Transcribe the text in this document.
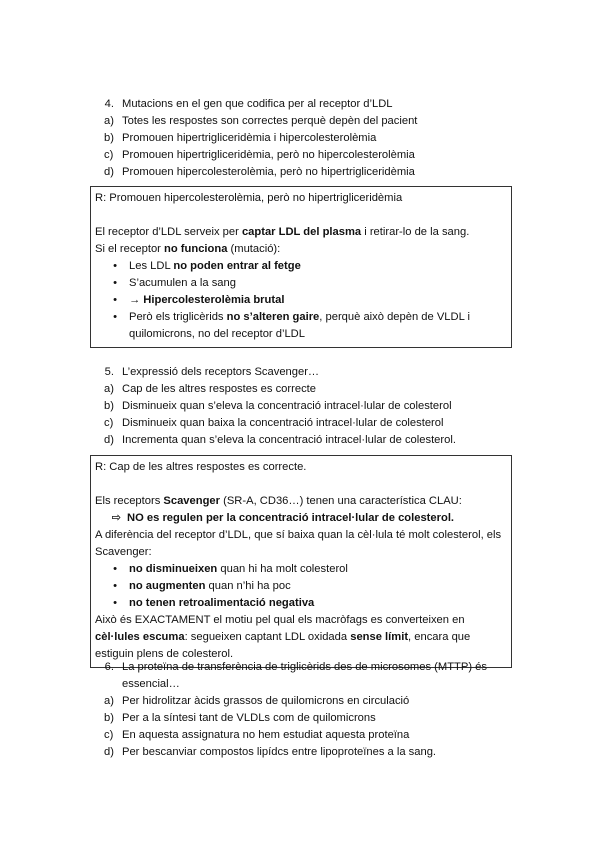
4. Mutacions en el gen que codifica per al receptor d’LDL
a) Totes les respostes son correctes perquè depèn del pacient
b) Promouen hipertrigliceridèmia i hipercolesterolèmia
c) Promouen hipertrigliceridèmia, però no hipercolesterolèmia
d) Promouen hipercolesterolèmia, però no hipertrigliceridèmia

R: Promouen hipercolesterolèmia, però no hipertrigliceridèmia

El receptor d’LDL serveix per captar LDL del plasma i retirar-lo de la sang.

Si el receptor no funciona (mutació):

•	Les LDL no poden entrar al fetge
•	S’acumulen a la sang
•	→ Hipercolesterolèmia brutal
•	Però els triglicèrids no s’alteren gaire, perquè això depèn de VLDL i quilomicrons, no del receptor d’LDL
5. L’expressió dels receptors Scavenger…
a) Cap de les altres respostes es correcte
b) Disminueix quan s’eleva la concentració intracel·lular de colesterol
c) Disminueix quan baixa la concentració intracel·lular de colesterol
d) Incrementa quan s’eleva la concentració intracel·lular de colesterol.

R: Cap de les altres respostes es correcte.

Els receptors Scavenger (SR-A, CD36…) tenen una característica CLAU:

⇨ NO es regulen per la concentració intracel·lular de colesterol.

A diferència del receptor d’LDL, que sí baixa quan la cèl·lula té molt colesterol, els Scavenger:

•	no disminueixen quan hi ha molt colesterol
•	no augmenten quan n’hi ha poc
•	no tenen retroalimentació negativa

Això és EXACTAMENT el motiu pel qual els macròfags es converteixen en cèl·lules escuma: segueixen captant LDL oxidada sense límit, encara que estiguin plens de colesterol.

6. La proteïna de transferència de triglicèrids des de microsomes (MTTP) és essencial…
a) Per hidrolitzar àcids grassos de quilomicrons en circulació
b) Per a la síntesi tant de VLDLs com de quilomicrons
c) En aquesta assignatura no hem estudiat aquesta proteïna
d) Per bescanviar compostos lipídcs entre lipoproteïnes a la sang.
